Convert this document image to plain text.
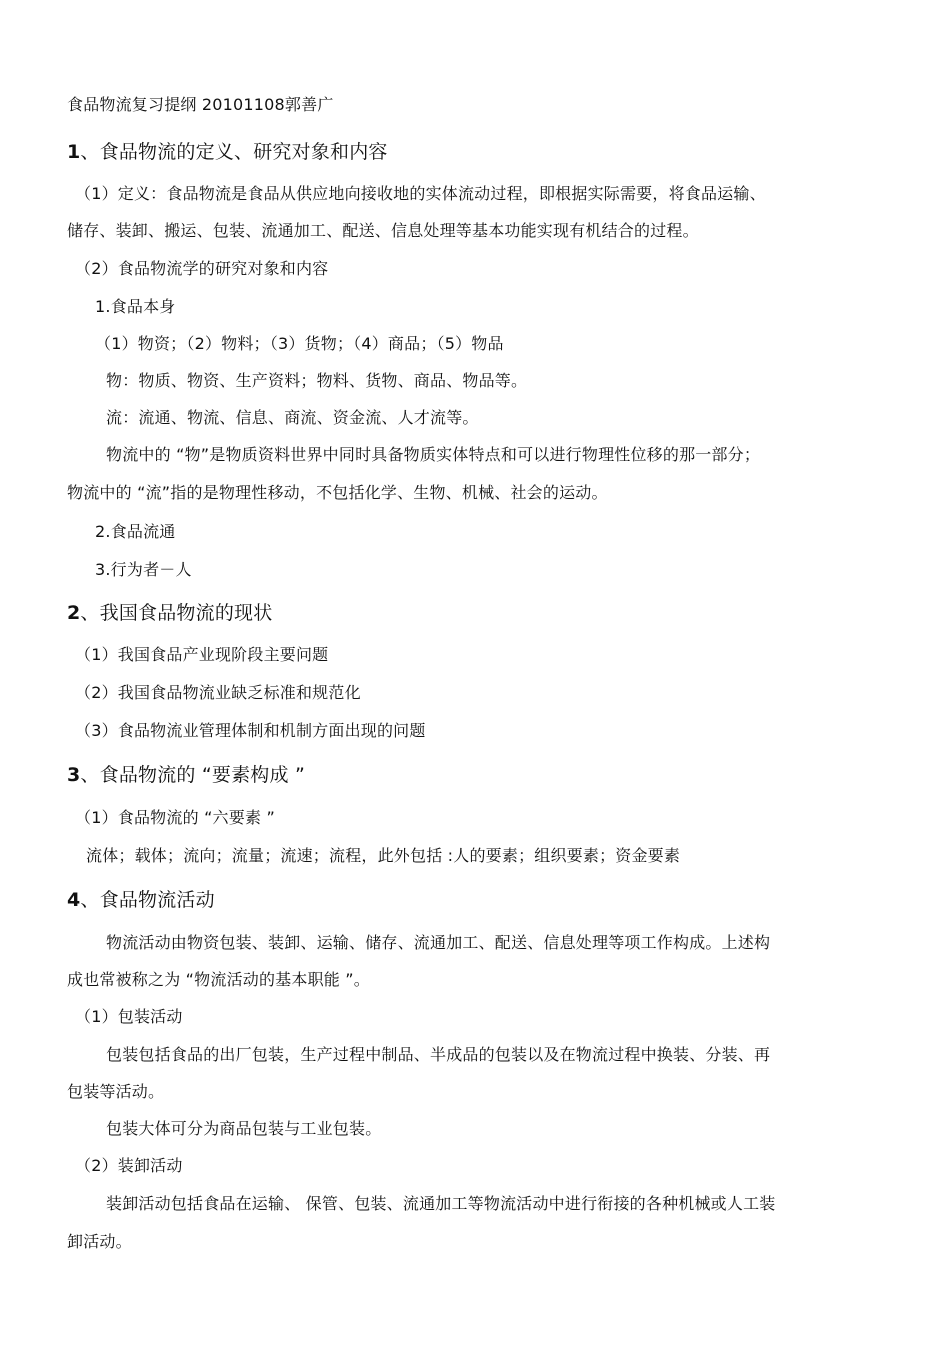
食品物流复习提纲 20101108郭善广
1、食品物流的定义、研究对象和内容
（1）定义：食品物流是食品从供应地向接收地的实体流动过程，即根据实际需要，将食品运输、
储存、装卸、搬运、包装、流通加工、配送、信息处理等基本功能实现有机结合的过程。
（2）食品物流学的研究对象和内容
1.食品本身
（1）物资；（2）物料；（3）货物；（4）商品；（5）物品
物：物质、物资、生产资料；物料、货物、商品、物品等。
流：流通、物流、信息、商流、资金流、人才流等。
物流中的 “物”是物质资料世界中同时具备物质实体特点和可以进行物理性位移的那一部分；
物流中的 “流”指的是物理性移动，不包括化学、生物、机械、社会的运动。
2.食品流通
3.行为者－人
2、我国食品物流的现状
（1）我国食品产业现阶段主要问题
（2）我国食品物流业缺乏标准和规范化
（3）食品物流业管理体制和机制方面出现的问题
3、食品物流的 “要素构成 ”
（1）食品物流的 “六要素 ”
流体；载体；流向；流量；流速；流程，此外包括 :人的要素；组织要素；资金要素
4、食品物流活动
物流活动由物资包装、装卸、运输、储存、流通加工、配送、信息处理等项工作构成。上述构
成也常被称之为 “物流活动的基本职能 ”。
（1）包装活动
包装包括食品的出厂包装，生产过程中制品、半成品的包装以及在物流过程中换装、分装、再
包装等活动。
包装大体可分为商品包装与工业包装。
（2）装卸活动
装卸活动包括食品在运输、 保管、包装、流通加工等物流活动中进行衔接的各种机械或人工装
卸活动。
